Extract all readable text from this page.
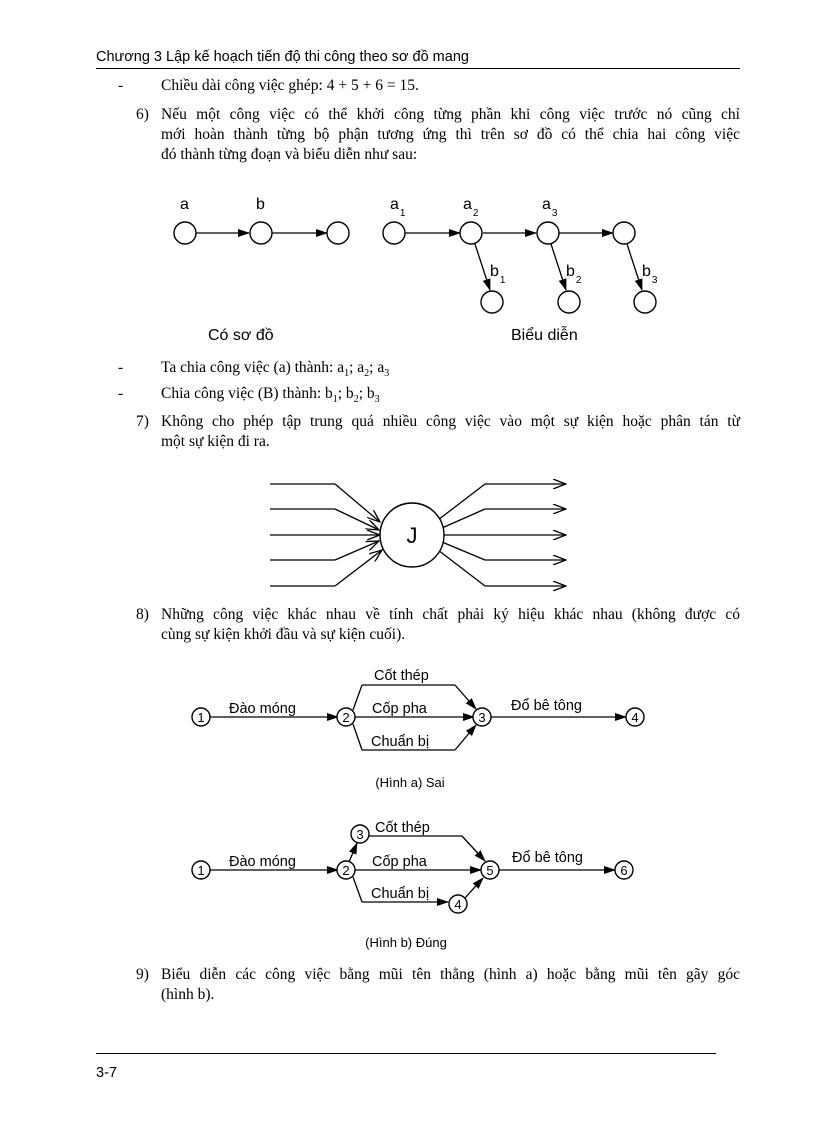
Chương 3 Lập kế hoạch tiến độ thi công theo sơ đồ mang
- Chiều dài công việc ghép: 4 + 5 + 6 = 15.
6) Nếu một công việc có thể khởi công từng phần khi công việc trước nó cũng chỉ

mới hoàn thành từng bộ phận tương ứng thì trên sơ đồ có thể chia hai công việc

đó thành từng đoạn và biểu diễn như sau:

a	b	$a_1$
$a_2$
$a_3$
$b_1$
$b_2$
$b_3$
Có sơ đồ	Biểu diễn
- Ta chia công việc (a) thành: $a_1$; $a_2$; $a_3$
- Chia công việc (B) thành: $b_1$; $b_2$; $b_3$
7) Không cho phép tập trung quá nhiều công việc vào một sự kiện hoặc phân tán từ

một sự kiện đi ra.

J
8) Những công việc khác nhau về tính chất phải ký hiệu khác nhau (không được có

cùng sự kiện khởi đầu và sự kiện cuối).

1	2	3	4
Đào móng
Cốt thép
Cốp pha
Chuẩn bị
Đổ bê tông
(Hình a) Sai
1	2
3
4
5	6
Đào móng
Cốt thép
Cốp pha
Chuẩn bị
Đổ bê tông
(Hình b) Đúng
9) Biểu diễn các công việc bằng mũi tên thẳng (hình a) hoặc bằng mũi tên gãy góc

(hình b).

3-7
